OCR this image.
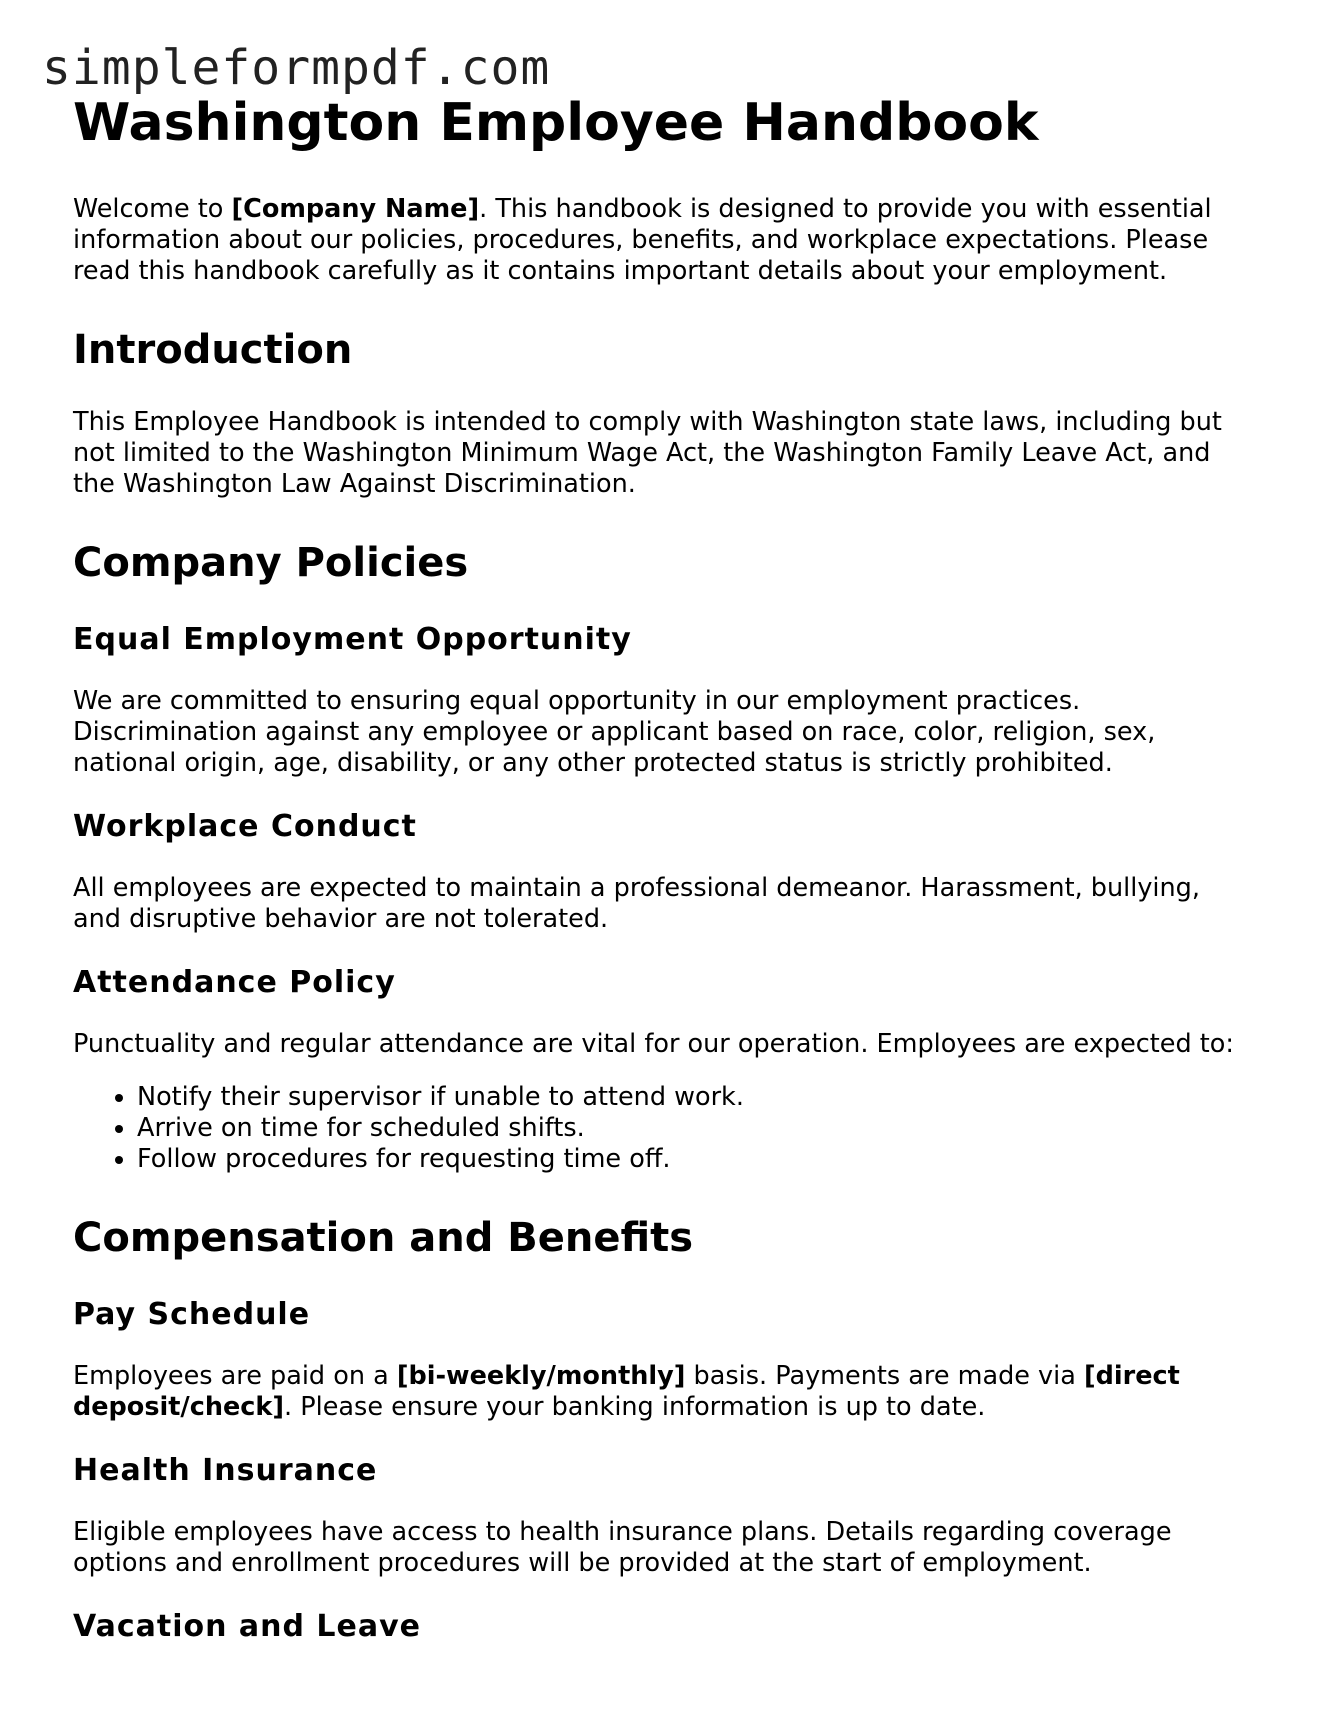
simpleformpdf.com
Washington Employee Handbook

Welcome to [Company Name]. This handbook is designed to provide you with essential information about our policies, procedures, benefits, and workplace expectations. Please read this handbook carefully as it contains important details about your employment.

Introduction

This Employee Handbook is intended to comply with Washington state laws, including but not limited to the Washington Minimum Wage Act, the Washington Family Leave Act, and the Washington Law Against Discrimination.

Company Policies
Equal Employment Opportunity

We are committed to ensuring equal opportunity in our employment practices. Discrimination against any employee or applicant based on race, color, religion, sex, national origin, age, disability, or any other protected status is strictly prohibited.

Workplace Conduct

All employees are expected to maintain a professional demeanor. Harassment, bullying, and disruptive behavior are not tolerated.

Attendance Policy

Punctuality and regular attendance are vital for our operation. Employees are expected to:

• Notify their supervisor if unable to attend work.
• Arrive on time for scheduled shifts.
• Follow procedures for requesting time off.
Compensation and Benefits
Pay Schedule

Employees are paid on a [bi-weekly/monthly] basis. Payments are made via [direct deposit/check]. Please ensure your banking information is up to date.

Health Insurance

Eligible employees have access to health insurance plans. Details regarding coverage options and enrollment procedures will be provided at the start of employment.

Vacation and Leave
